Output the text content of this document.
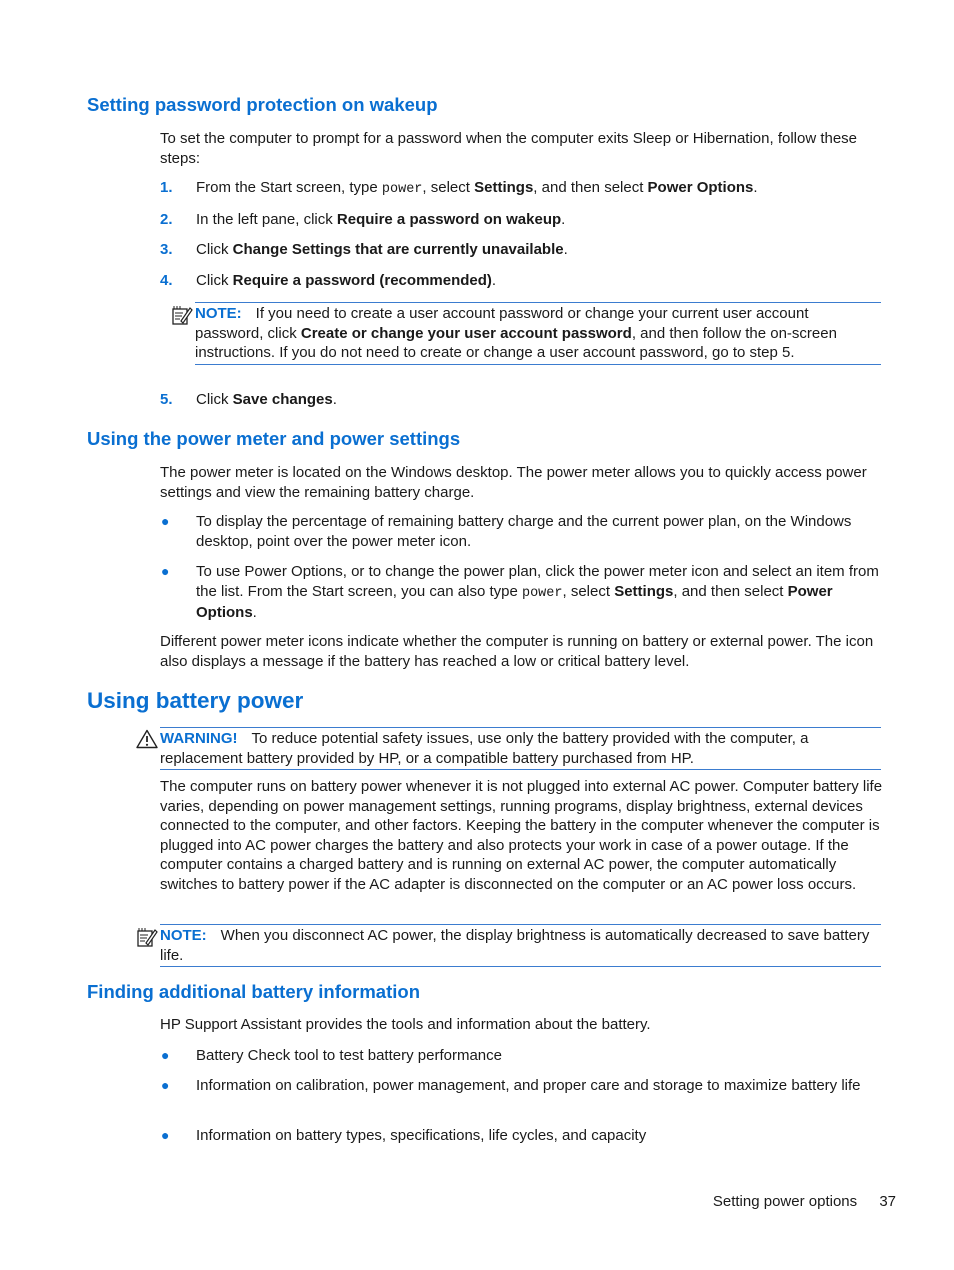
Setting password protection on wakeup

To set the computer to prompt for a password when the computer exits Sleep or Hibernation, follow these steps:

1.	From the Start screen, type power, select Settings, and then select Power Options.
2.	In the left pane, click Require a password on wakeup.
3.	Click Change Settings that are currently unavailable.
4.	Click Require a password (recommended).
NOTE: If you need to create a user account password or change your current user account password, click Create or change your user account password, and then follow the on-screen instructions. If you do not need to create or change a user account password, go to step 5.
5.	Click Save changes.
Using the power meter and power settings

The power meter is located on the Windows desktop. The power meter allows you to quickly access power settings and view the remaining battery charge.

● To display the percentage of remaining battery charge and the current power plan, on the Windows desktop, point over the power meter icon.
● To use Power Options, or to change the power plan, click the power meter icon and select an item from the list. From the Start screen, you can also type power, select Settings, and then select Power Options.

Different power meter icons indicate whether the computer is running on battery or external power. The icon also displays a message if the battery has reached a low or critical battery level.

Using battery power
WARNING! To reduce potential safety issues, use only the battery provided with the computer, a replacement battery provided by HP, or a compatible battery purchased from HP.

The computer runs on battery power whenever it is not plugged into external AC power. Computer battery life varies, depending on power management settings, running programs, display brightness, external devices connected to the computer, and other factors. Keeping the battery in the computer whenever the computer is plugged into AC power charges the battery and also protects your work in case of a power outage. If the computer contains a charged battery and is running on external AC power, the computer automatically switches to battery power if the AC adapter is disconnected on the computer or an AC power loss occurs.

NOTE: When you disconnect AC power, the display brightness is automatically decreased to save battery life.
Finding additional battery information

HP Support Assistant provides the tools and information about the battery.

● Battery Check tool to test battery performance
● Information on calibration, power management, and proper care and storage to maximize battery life
● Information on battery types, specifications, life cycles, and capacity
Setting power options 37
